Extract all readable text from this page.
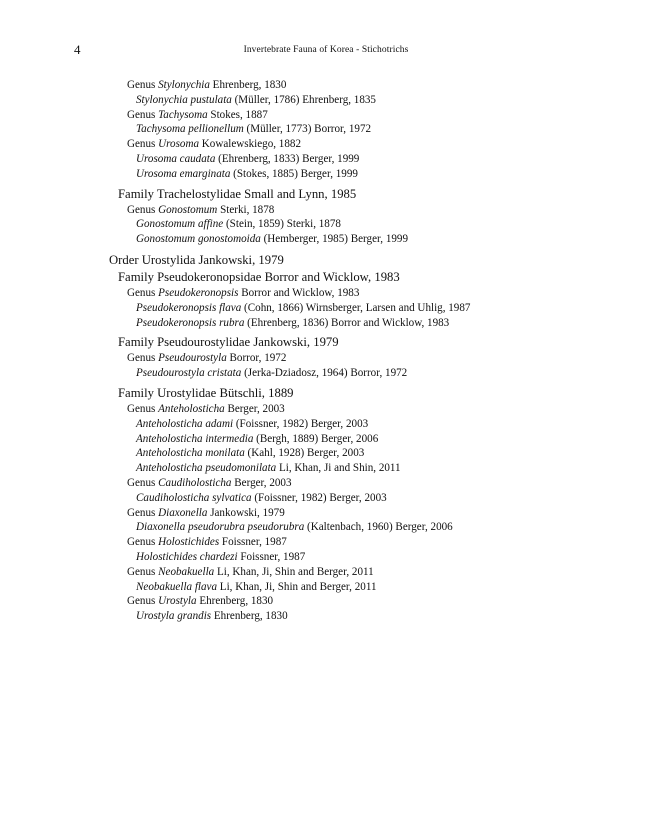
4	Invertebrate Fauna of Korea - Stichotrichs
Genus Stylonychia Ehrenberg, 1830
Stylonychia pustulata (Müller, 1786) Ehrenberg, 1835
Genus Tachysoma Stokes, 1887
Tachysoma pellionellum (Müller, 1773) Borror, 1972
Genus Urosoma Kowalewskiego, 1882
Urosoma caudata (Ehrenberg, 1833) Berger, 1999
Urosoma emarginata (Stokes, 1885) Berger, 1999
Family Trachelostylidae Small and Lynn, 1985
Genus Gonostomum Sterki, 1878
Gonostomum affine (Stein, 1859) Sterki, 1878
Gonostomum gonostomoida (Hemberger, 1985) Berger, 1999
Order Urostylida Jankowski, 1979
Family Pseudokeronopsidae Borror and Wicklow, 1983
Genus Pseudokeronopsis Borror and Wicklow, 1983
Pseudokeronopsis flava (Cohn, 1866) Wirnsberger, Larsen and Uhlig, 1987
Pseudokeronopsis rubra (Ehrenberg, 1836) Borror and Wicklow, 1983
Family Pseudourostylidae Jankowski, 1979
Genus Pseudourostyla Borror, 1972
Pseudourostyla cristata (Jerka-Dziadosz, 1964) Borror, 1972
Family Urostylidae Bütschli, 1889
Genus Anteholosticha Berger, 2003
Anteholosticha adami (Foissner, 1982) Berger, 2003
Anteholosticha intermedia (Bergh, 1889) Berger, 2006
Anteholosticha monilata (Kahl, 1928) Berger, 2003
Anteholosticha pseudomonilata Li, Khan, Ji and Shin, 2011
Genus Caudiholosticha Berger, 2003
Caudiholosticha sylvatica (Foissner, 1982) Berger, 2003
Genus Diaxonella Jankowski, 1979
Diaxonella pseudorubra pseudorubra (Kaltenbach, 1960) Berger, 2006
Genus Holostichides Foissner, 1987
Holostichides chardezi Foissner, 1987
Genus Neobakuella Li, Khan, Ji, Shin and Berger, 2011
Neobakuella flava Li, Khan, Ji, Shin and Berger, 2011
Genus Urostyla Ehrenberg, 1830
Urostyla grandis Ehrenberg, 1830
